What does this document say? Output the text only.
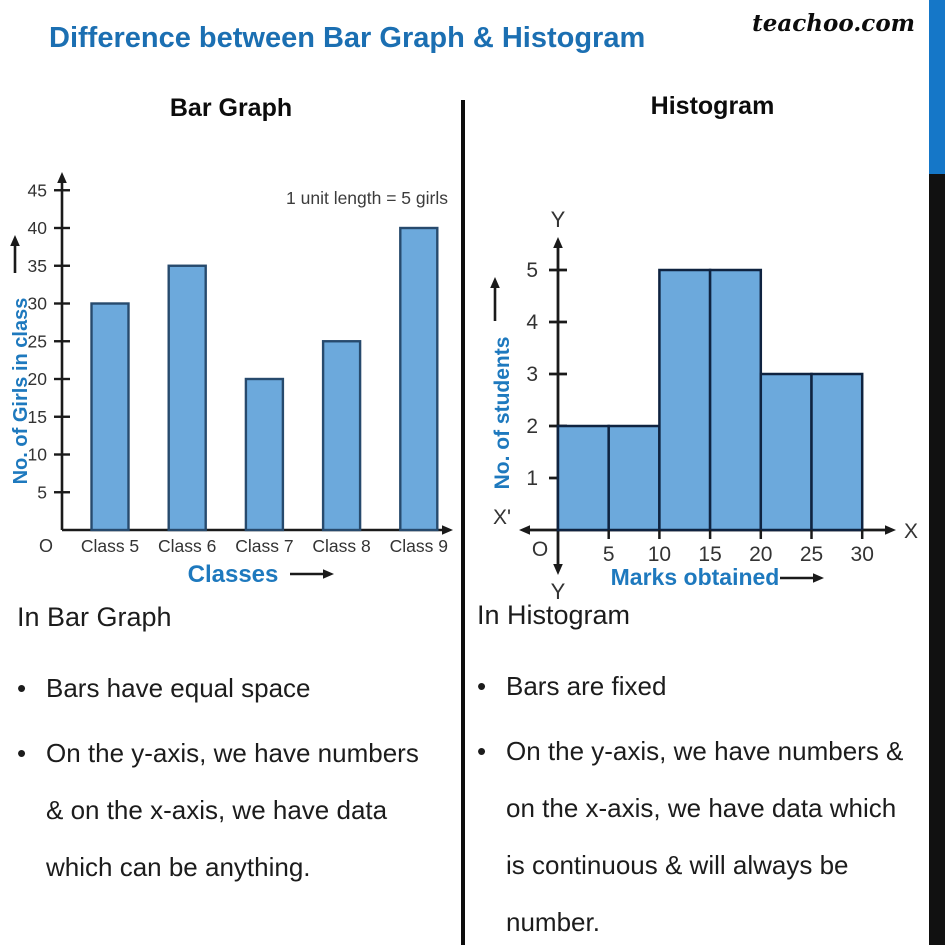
Difference between Bar Graph & Histogram	teachoo.com
Bar Graph	Histogram
5
10
15
20
25
30
35
40
45
Class 5 Class 6 Class 7 Class 8 Class 9
O
1 unit length = 5 girls
Classes
No. of Girls in class
Y
Y
X'
X
1
2
3
4
5
5 10 15 20 25 30
O
Marks obtained
No. of students

In Bar Graph

• Bars have equal space
• On the y-axis, we have numbers
& on the x-axis, we have data
which can be anything.

In Histogram

• Bars are fixed
• On the y-axis, we have numbers &
on the x-axis, we have data which
is continuous & will always be
number.
